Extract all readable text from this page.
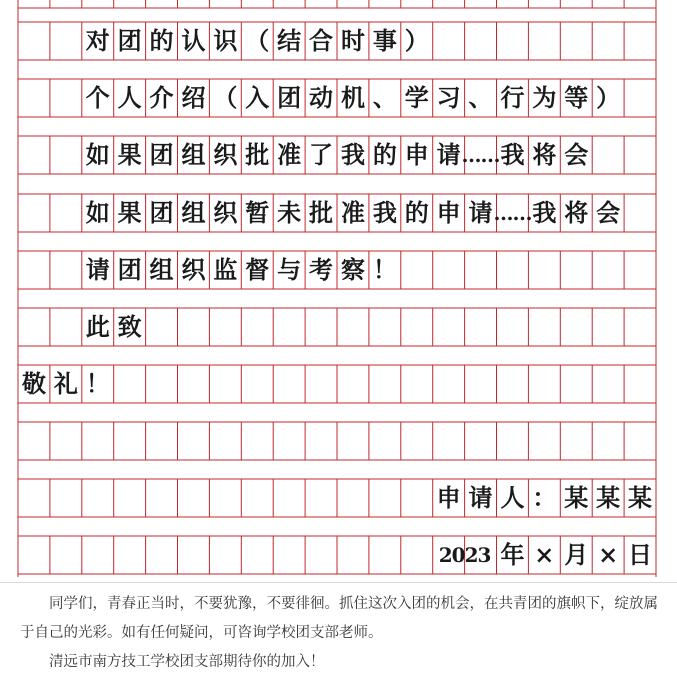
对 团 的 认 识 （ 结 合 时 事 ）
个 人 介 绍 （ 入 团 动 机 、 学 习 、 行 为 等 ）
如 果 团 组 织 批 准 了 我 的 申 请 …… 我 将 会
如 果 团 组 织 暂 未 批 准 我 的 申 请 …… 我 将 会
请 团 组 织 监 督 与 考 察 ！
此 致
敬 礼 ！
申 请 人 ： 某 某 某
2023 年 × 月 × 日

同学们，青春正当时，不要犹豫，不要徘徊。抓住这次入团的机会，在共青团的旗帜下，绽放属于自己的光彩。如有任何疑问，可咨询学校团支部老师。

清远市南方技工学校团支部期待你的加入！
